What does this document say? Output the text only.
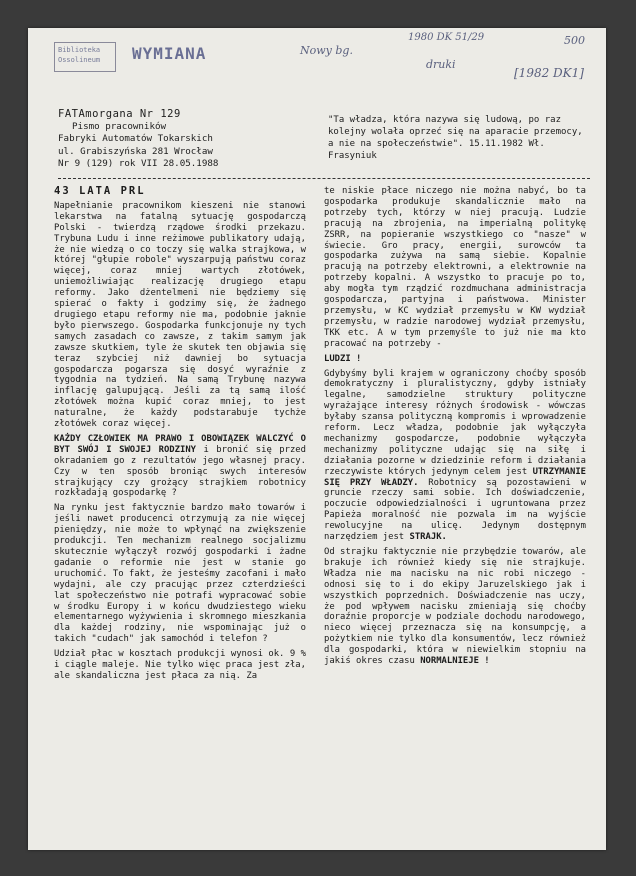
Biblioteka
Ossolineum	WYMIANA	Nowy bg.
1980 DK 51/29	500
druki
[1982 DK1]
FATAmorgana Nr 129
Pismo pracowników
Fabryki Automatów Tokarskich
ul. Grabiszyńska 281 Wrocław
Nr 9 (129) rok VII 28.05.1988
"Ta władza, która nazywa się ludową, po raz kolejny wolała oprzeć się na aparacie przemocy, a nie na społeczeństwie". 15.11.1982 Wł. Frasyniuk
43 LATA PRL

Napełnianie pracownikom kieszeni nie stanowi lekarstwa na fatalną sytuację gospodarczą Polski - twierdzą rządowe środki przekazu. Trybuna Ludu i inne reżimowe publikatory udają, że nie wiedzą o co toczy się walka strajkowa, w której "głupie robole" wyszarpują państwu coraz więcej, coraz mniej wartych złotówek, uniemożliwiając realizację drugiego etapu reformy. Jako dżentelmeni nie będziemy się spierać o fakty i godzimy się, że żadnego drugiego etapu reformy nie ma, podobnie jaknie było pierwszego. Gospodarka funkcjonuje ny tych samych zasadach co zawsze, z takim samym jak zawsze skutkiem, tyle że skutek ten objawia się teraz szybciej niż dawniej bo sytuacja gospodarcza pogarsza się dosyć wyraźnie z tygodnia na tydzień. Na samą Trybunę nazywa inflację galupującą. Jeśli za tą samą ilość złotówek można kupić coraz mniej, to jest naturalne, że każdy podstarabuje tychże złotówek coraz więcej.

KAŻDY CZŁOWIEK MA PRAWO I OBOWIĄZEK WALCZYĆ O BYT SWÓJ I SWOJEJ RODZINY i bronić się przed okradaniem go z rezultatów jego własnej pracy. Czy w ten sposób broniąc swych interesów strajkujący czy grożący strajkiem robotnicy rozkładają gospodarkę ?

Na rynku jest faktycznie bardzo mało towarów i jeśli nawet producenci otrzymują za nie więcej pieniędzy, nie może to wpłynąć na zwiększenie produkcji. Ten mechanizm realnego socjalizmu skutecznie wyłączył rozwój gospodarki i żadne gadanie o reformie nie jest w stanie go uruchomić. To fakt, że jesteśmy zacofani i mało wydajni, ale czy pracując przez czterdzieści lat społeczeństwo nie potrafi wypracować sobie w środku Europy i w końcu dwudziestego wieku elementarnego wyżywienia i skromnego mieszkania dla każdej rodziny, nie wspominając już o takich "cudach" jak samochód i telefon ?

Udział płac w kosztach produkcji wynosi ok. 9 % i ciągle maleje. Nie tylko więc praca jest zła, ale skandaliczna jest płaca za nią. Za

te niskie płace niczego nie można nabyć, bo ta gospodarka produkuje skandalicznie mało na potrzeby tych, którzy w niej pracują. Ludzie pracują na zbrojenia, na imperialną politykę ZSRR, na popieranie wszystkiego co "nasze" w świecie. Gro pracy, energii, surowców ta gospodarka zużywa na samą siebie. Kopalnie pracują na potrzeby elektrowni, a elektrownie na potrzeby kopalni. A wszystko to pracuje po to, aby mogła tym rządzić rozdmuchana administracja gospodarcza, partyjna i państwowa. Minister przemysłu, w KC wydział przemysłu w KW wydział przemysłu, w radzie narodowej wydział przemysłu, TKK etc. A w tym przemyśle to już nie ma kto pracować na potrzeby -

LUDZI !

Gdybyśmy byli krajem w ograniczony choćby sposób demokratyczny i pluralistyczny, gdyby istniały legalne, samodzielne struktury polityczne wyrażające interesy różnych środowisk - wówczas byłaby szansa polityczną kompromis i wprowadzenie reform. Lecz władza, podobnie jak wyłączyła mechanizmy gospodarcze, podobnie wyłączyła mechanizmy polityczne udając się na siłę i działania pozorne w dziedzinie reform i działania rzeczywiste których jedynym celem jest UTRZYMANIE SIĘ PRZY WŁADZY. Robotnicy są pozostawieni w gruncie rzeczy sami sobie. Ich doświadczenie, poczucie odpowiedzialności i ugruntowana przez Papieża moralność nie pozwala im na wyjście rewolucyjne na ulicę. Jedynym dostępnym narzędziem jest STRAJK.

Od strajku faktycznie nie przybędzie towarów, ale brakuje ich również kiedy się nie strajkuje. Władza nie ma nacisku na nic robi niczego - odnosi się to i do ekipy Jaruzelskiego jak i wszystkich poprzednich. Doświadczenie nas uczy, że pod wpływem nacisku zmieniają się choćby doraźnie proporcje w podziale dochodu narodowego, nieco więcej przeznacza się na konsumpcję, a pożytkiem nie tylko dla konsumentów, lecz również dla gospodarki, która w niewielkim stopniu na jakiś okres czasu NORMALNIEJE !
